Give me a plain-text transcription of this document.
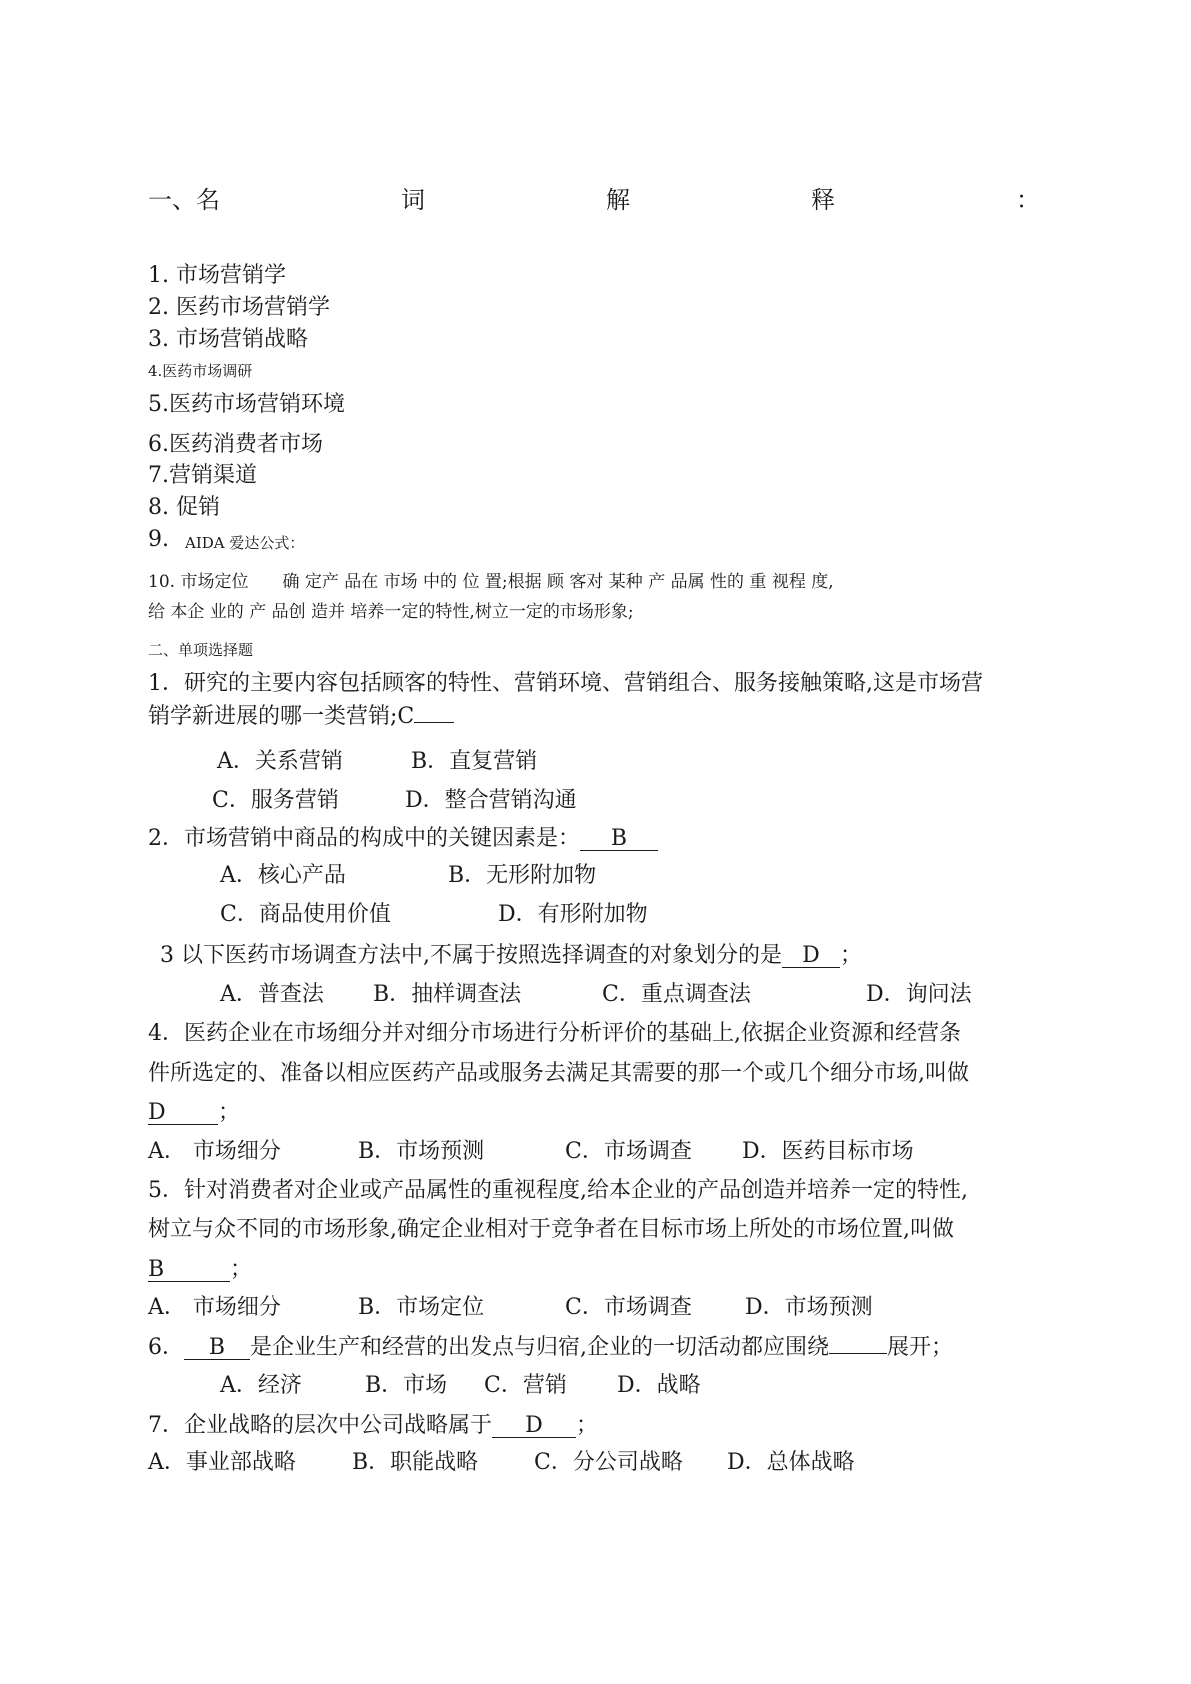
一、名	词	解	释	：
1. 市场营销学
2. 医药市场营销学
3. 市场营销战略
4.医药市场调研
5.医药市场营销环境
6.医药消费者市场
7.营销渠道
8. 促销
9. AIDA 爱达公式：
10. 市场定位　　确 定产 品在 市场 中的 位 置;根据 顾 客对 某种 产 品属 性的 重 视程 度,
给 本企 业的 产 品创 造并 培养一定的特性,树立一定的市场形象;
二、单项选择题
1．研究的主要内容包括顾客的特性、营销环境、营销组合、服务接触策略,这是市场营
销学新进展的哪一类营销;C
A．关系营销	B．直复营销
C．服务营销	D．整合营销沟通
2．市场营销中商品的构成中的关键因素是： B
A．核心产品	B．无形附加物
C．商品使用价值	D．有形附加物
3 以下医药市场调查方法中,不属于按照选择调查的对象划分的是 D ；
A．普查法 B．抽样调查法	C．重点调查法	D．询问法
4．医药企业在市场细分并对细分市场进行分析评价的基础上,依据企业资源和经营条
件所选定的、准备以相应医药产品或服务去满足其需要的那一个或几个细分市场,叫做
D ；
A． 市场细分	B．市场预测	C．市场调查 D．医药目标市场
5．针对消费者对企业或产品属性的重视程度,给本企业的产品创造并培养一定的特性,
树立与众不同的市场形象,确定企业相对于竞争者在目标市场上所处的市场位置,叫做
B	；
A． 市场细分	B．市场定位	C．市场调查 D．市场预测
6． B 是企业生产和经营的出发点与归宿,企业的一切活动都应围绕	展开；
A．经济	B．市场 C．营销 D．战略
7．企业战略的层次中公司战略属于 D ；
A．事业部战略	B．职能战略	C．分公司战略 D．总体战略
